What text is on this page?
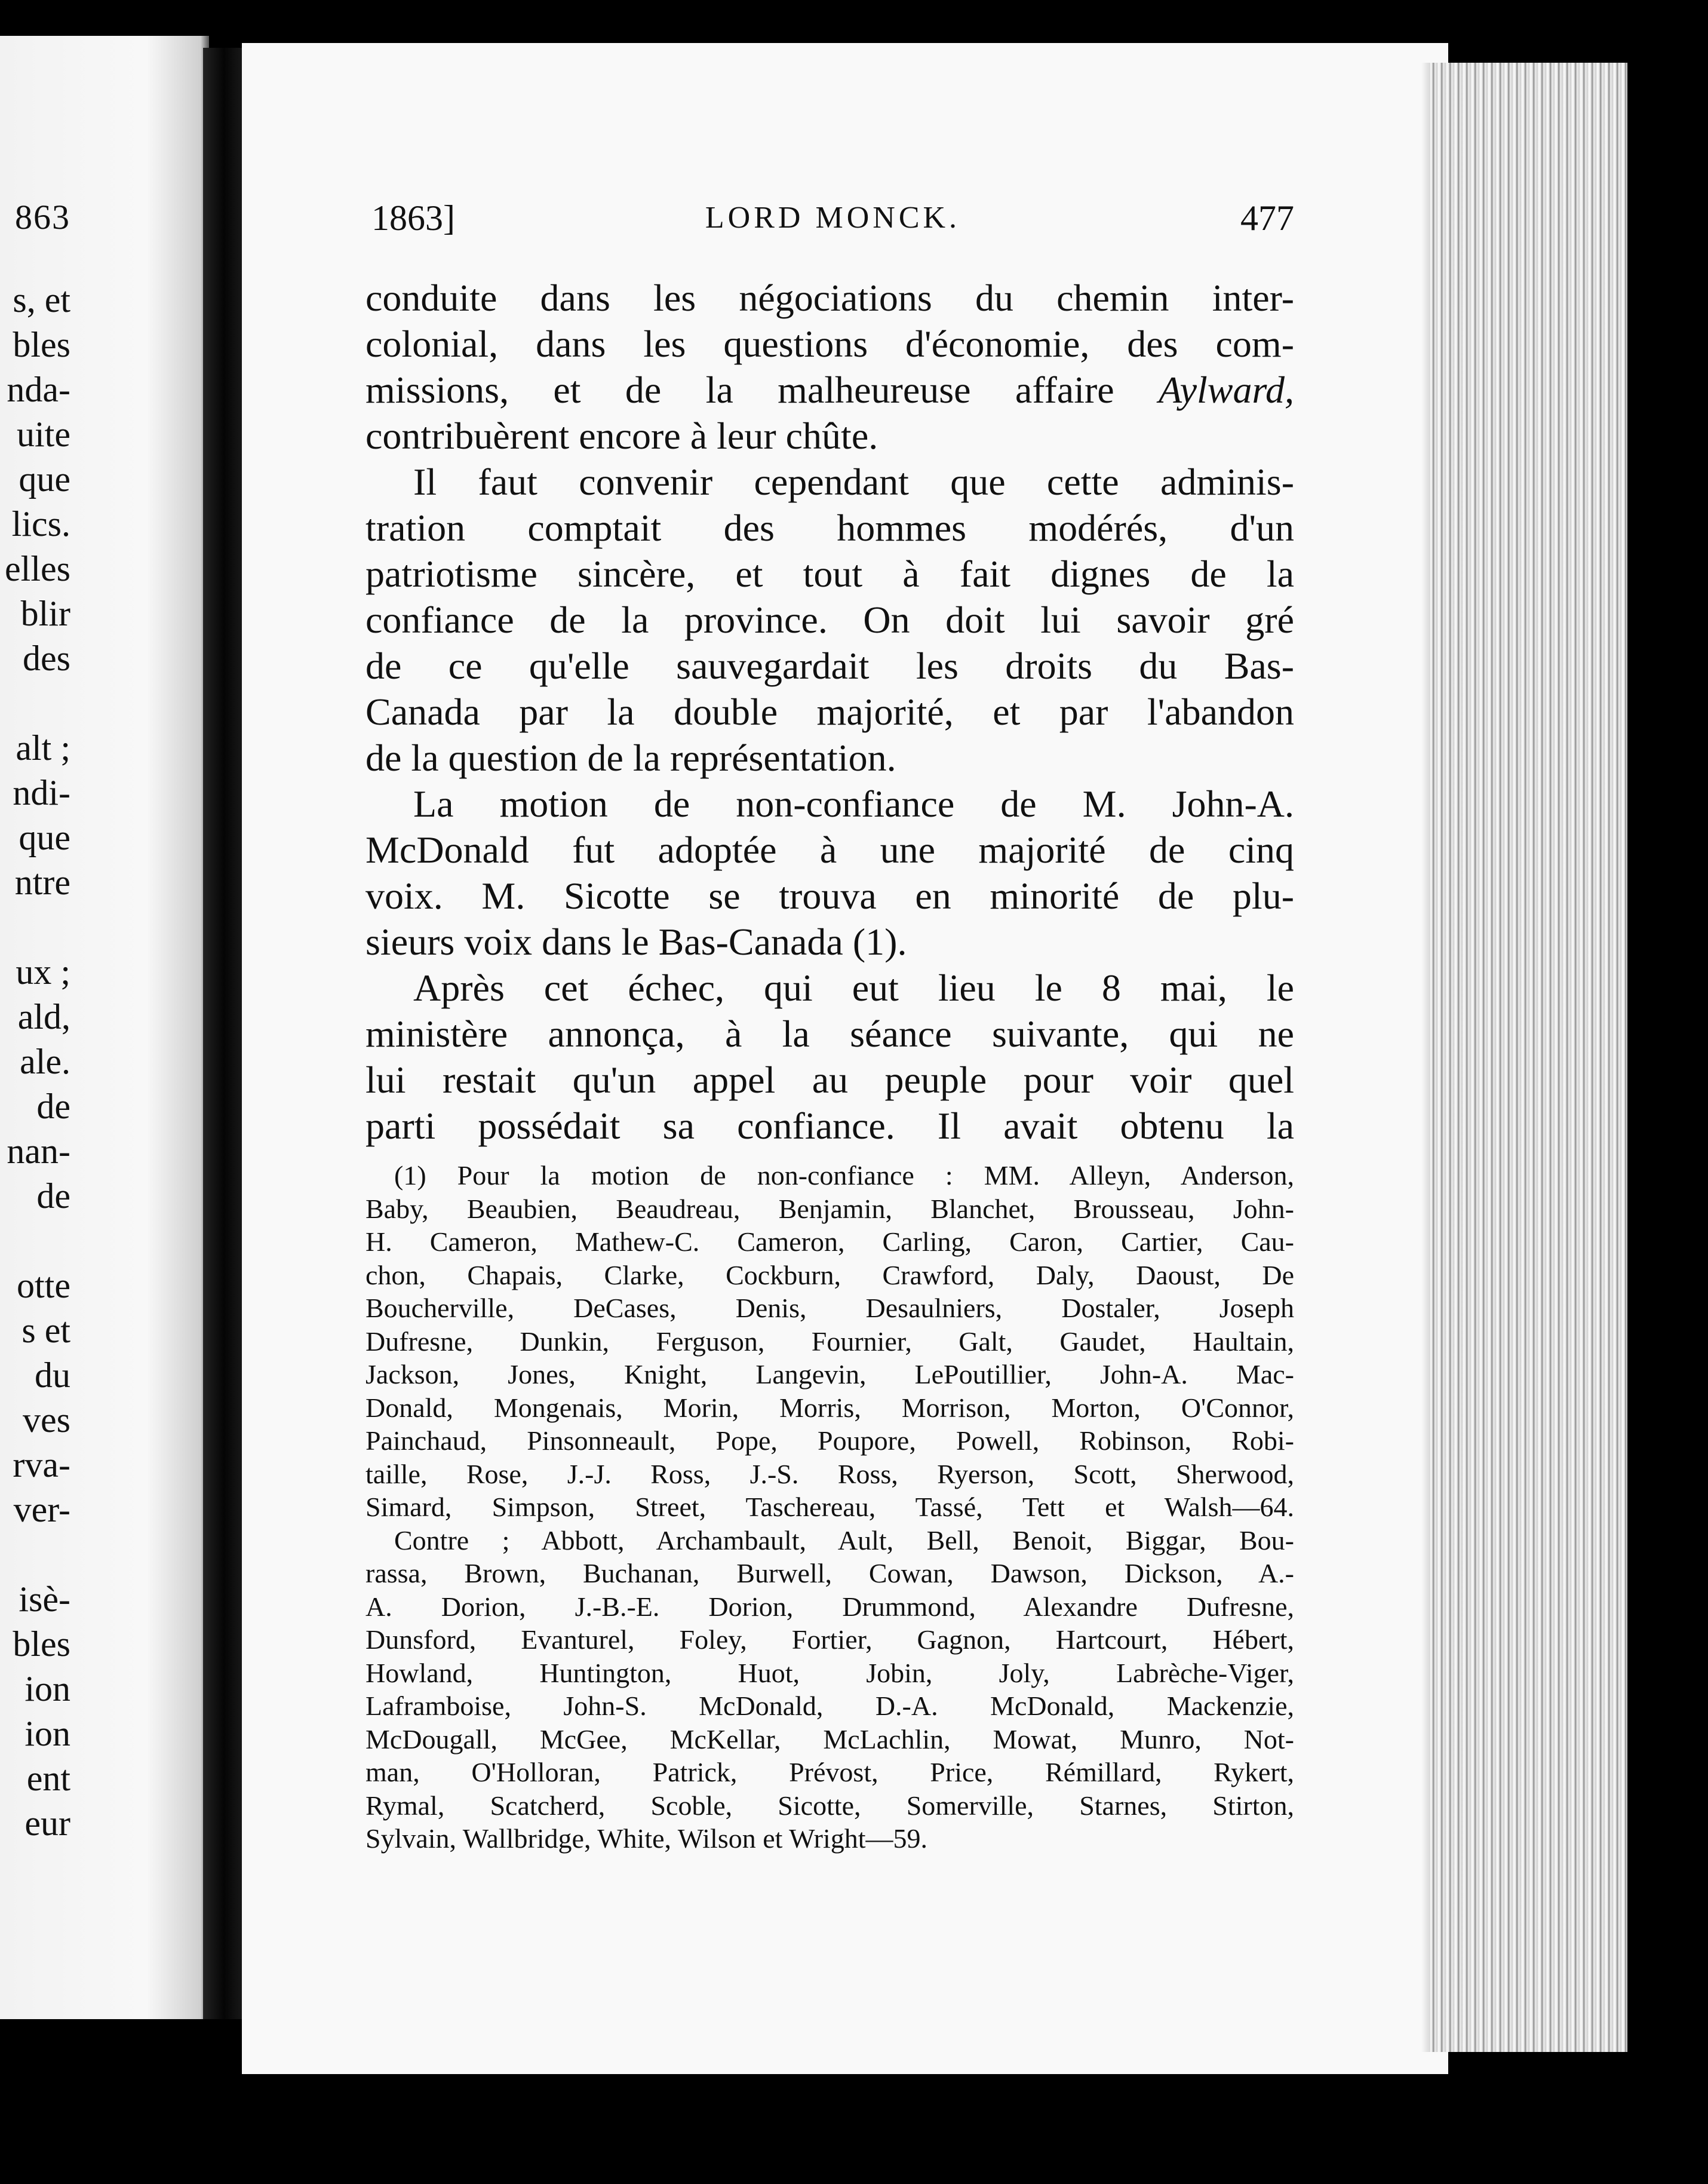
863
s, et
bles
nda-
uite
que
lics.
elles
blir
des
alt ;
ndi-
que
ntre
ux ;
ald,
ale.
de
nan-
de
otte
s et
du
ves
rva-
ver-
isè-
bles
ion
ion
ent
eur
1863]	LORD MONCK.	477
conduite dans les négociations du chemin inter-
colonial, dans les questions d'économie, des com-
missions, et de la malheureuse affaire Aylward,
contribuèrent encore à leur chûte.
Il faut convenir cependant que cette adminis-
tration comptait des hommes modérés, d'un
patriotisme sincère, et tout à fait dignes de la
confiance de la province. On doit lui savoir gré
de ce qu'elle sauvegardait les droits du Bas-
Canada par la double majorité, et par l'abandon
de la question de la représentation.
La motion de non-confiance de M. John-A.
McDonald fut adoptée à une majorité de cinq
voix. M. Sicotte se trouva en minorité de plu-
sieurs voix dans le Bas-Canada (1).
Après cet échec, qui eut lieu le 8 mai, le
ministère annonça, à la séance suivante, qui ne
lui restait qu'un appel au peuple pour voir quel
parti possédait sa confiance. Il avait obtenu la
(1) Pour la motion de non-confiance : MM. Alleyn, Anderson,
Baby, Beaubien, Beaudreau, Benjamin, Blanchet, Brousseau, John-
H. Cameron, Mathew-C. Cameron, Carling, Caron, Cartier, Cau-
chon, Chapais, Clarke, Cockburn, Crawford, Daly, Daoust, De
Boucherville, DeCases, Denis, Desaulniers, Dostaler, Joseph
Dufresne, Dunkin, Ferguson, Fournier, Galt, Gaudet, Haultain,
Jackson, Jones, Knight, Langevin, LePoutillier, John-A. Mac-
Donald, Mongenais, Morin, Morris, Morrison, Morton, O'Connor,
Painchaud, Pinsonneault, Pope, Poupore, Powell, Robinson, Robi-
taille, Rose, J.-J. Ross, J.-S. Ross, Ryerson, Scott, Sherwood,
Simard, Simpson, Street, Taschereau, Tassé, Tett et Walsh—64.
Contre ; Abbott, Archambault, Ault, Bell, Benoit, Biggar, Bou-
rassa, Brown, Buchanan, Burwell, Cowan, Dawson, Dickson, A.-
A. Dorion, J.-B.-E. Dorion, Drummond, Alexandre Dufresne,
Dunsford, Evanturel, Foley, Fortier, Gagnon, Hartcourt, Hébert,
Howland, Huntington, Huot, Jobin, Joly, Labrèche-Viger,
Laframboise, John-S. McDonald, D.-A. McDonald, Mackenzie,
McDougall, McGee, McKellar, McLachlin, Mowat, Munro, Not-
man, O'Holloran, Patrick, Prévost, Price, Rémillard, Rykert,
Rymal, Scatcherd, Scoble, Sicotte, Somerville, Starnes, Stirton,
Sylvain, Wallbridge, White, Wilson et Wright—59.
